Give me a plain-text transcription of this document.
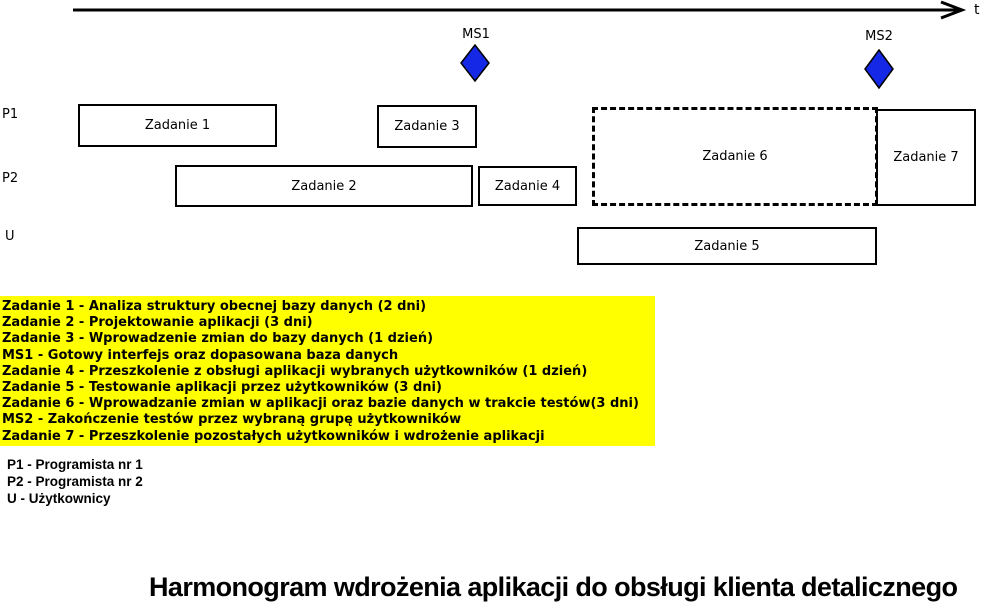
t
MS1	MS2
P1
P2
U
Zadanie 1	Zadanie 3
Zadanie 2	Zadanie 4
Zadanie 6	Zadanie 7
Zadanie 5
Zadanie 1 - Analiza struktury obecnej bazy danych (2 dni)
Zadanie 2 - Projektowanie aplikacji (3 dni)
Zadanie 3 - Wprowadzenie zmian do bazy danych (1 dzień)
MS1 - Gotowy interfejs oraz dopasowana baza danych
Zadanie 4 - Przeszkolenie z obsługi aplikacji wybranych użytkowników (1 dzień)
Zadanie 5 - Testowanie aplikacji przez użytkowników (3 dni)
Zadanie 6 - Wprowadzanie zmian w aplikacji oraz bazie danych w trakcie testów(3 dni)
MS2 - Zakończenie testów przez wybraną grupę użytkowników
Zadanie 7 - Przeszkolenie pozostałych użytkowników i wdrożenie aplikacji
P1 - Programista nr 1
P2 - Programista nr 2
U - Użytkownicy
Harmonogram wdrożenia aplikacji do obsługi klienta detalicznego
